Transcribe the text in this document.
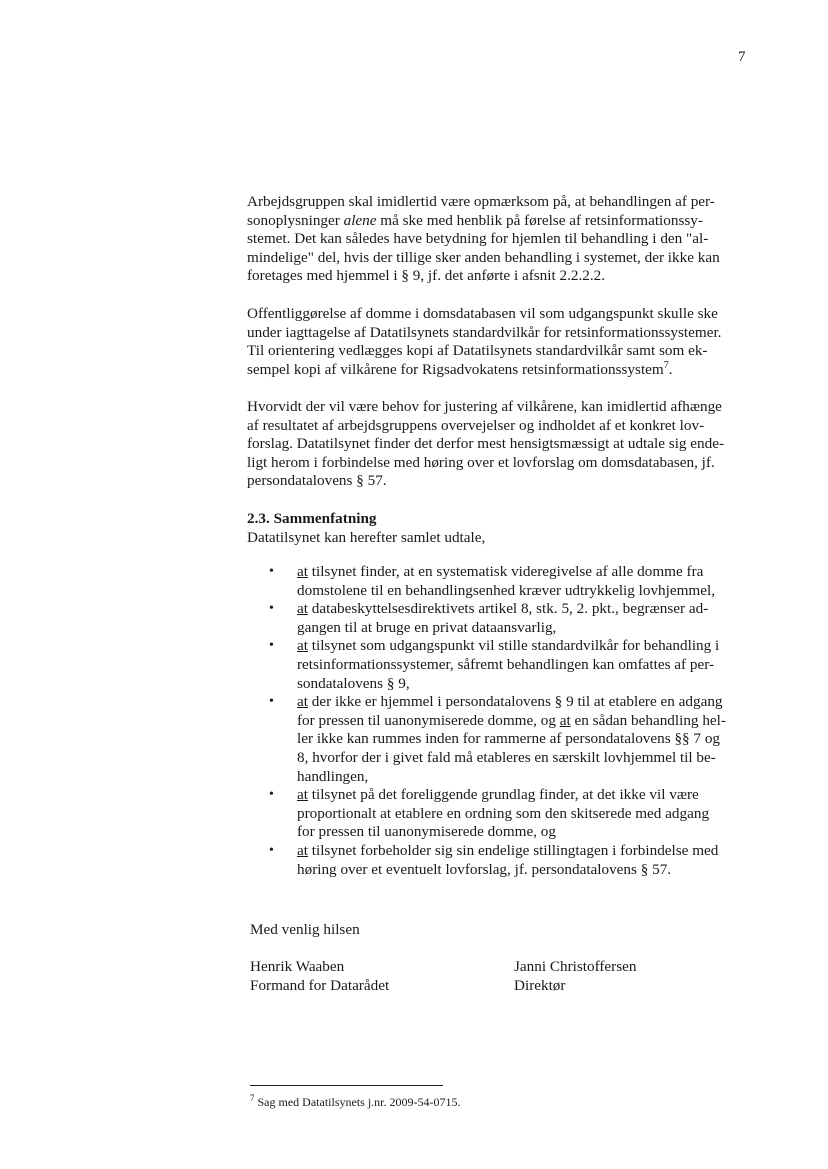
7
Arbejdsgruppen skal imidlertid være opmærksom på, at behandlingen af per-
sonoplysninger alene må ske med henblik på førelse af retsinformationssy-
stemet. Det kan således have betydning for hjemlen til behandling i den "al-
mindelige" del, hvis der tillige sker anden behandling i systemet, der ikke kan
foretages med hjemmel i § 9, jf. det anførte i afsnit 2.2.2.2.
Offentliggørelse af domme i domsdatabasen vil som udgangspunkt skulle ske
under iagttagelse af Datatilsynets standardvilkår for retsinformationssystemer.
Til orientering vedlægges kopi af Datatilsynets standardvilkår samt som ek-
sempel kopi af vilkårene for Rigsadvokatens retsinformationssystem$^7$.
Hvorvidt der vil være behov for justering af vilkårene, kan imidlertid afhænge
af resultatet af arbejdsgruppens overvejelser og indholdet af et konkret lov-
forslag. Datatilsynet finder det derfor mest hensigtsmæssigt at udtale sig ende-
ligt herom i forbindelse med høring over et lovforslag om domsdatabasen, jf.
persondatalovens § 57.
2.3. Sammenfatning
Datatilsynet kan herefter samlet udtale,
• at tilsynet finder, at en systematisk videregivelse af alle domme fra
domstolene til en behandlingsenhed kræver udtrykkelig lovhjemmel,
• at databeskyttelsesdirektivets artikel 8, stk. 5, 2. pkt., begrænser ad-
gangen til at bruge en privat dataansvarlig,
• at tilsynet som udgangspunkt vil stille standardvilkår for behandling i
retsinformationssystemer, såfremt behandlingen kan omfattes af per-
sondatalovens § 9,
• at der ikke er hjemmel i persondatalovens § 9 til at etablere en adgang
for pressen til uanonymiserede domme, og at en sådan behandling hel-
ler ikke kan rummes inden for rammerne af persondatalovens §§ 7 og
8, hvorfor der i givet fald må etableres en særskilt lovhjemmel til be-
handlingen,
• at tilsynet på det foreliggende grundlag finder, at det ikke vil være
proportionalt at etablere en ordning som den skitserede med adgang
for pressen til uanonymiserede domme, og
• at tilsynet forbeholder sig sin endelige stillingtagen i forbindelse med
høring over et eventuelt lovforslag, jf. persondatalovens § 57.
Med venlig hilsen
Henrik Waaben
Formand for Datarådet
Janni Christoffersen
Direktør
$^7$ Sag med Datatilsynets j.nr. 2009-54-0715.
